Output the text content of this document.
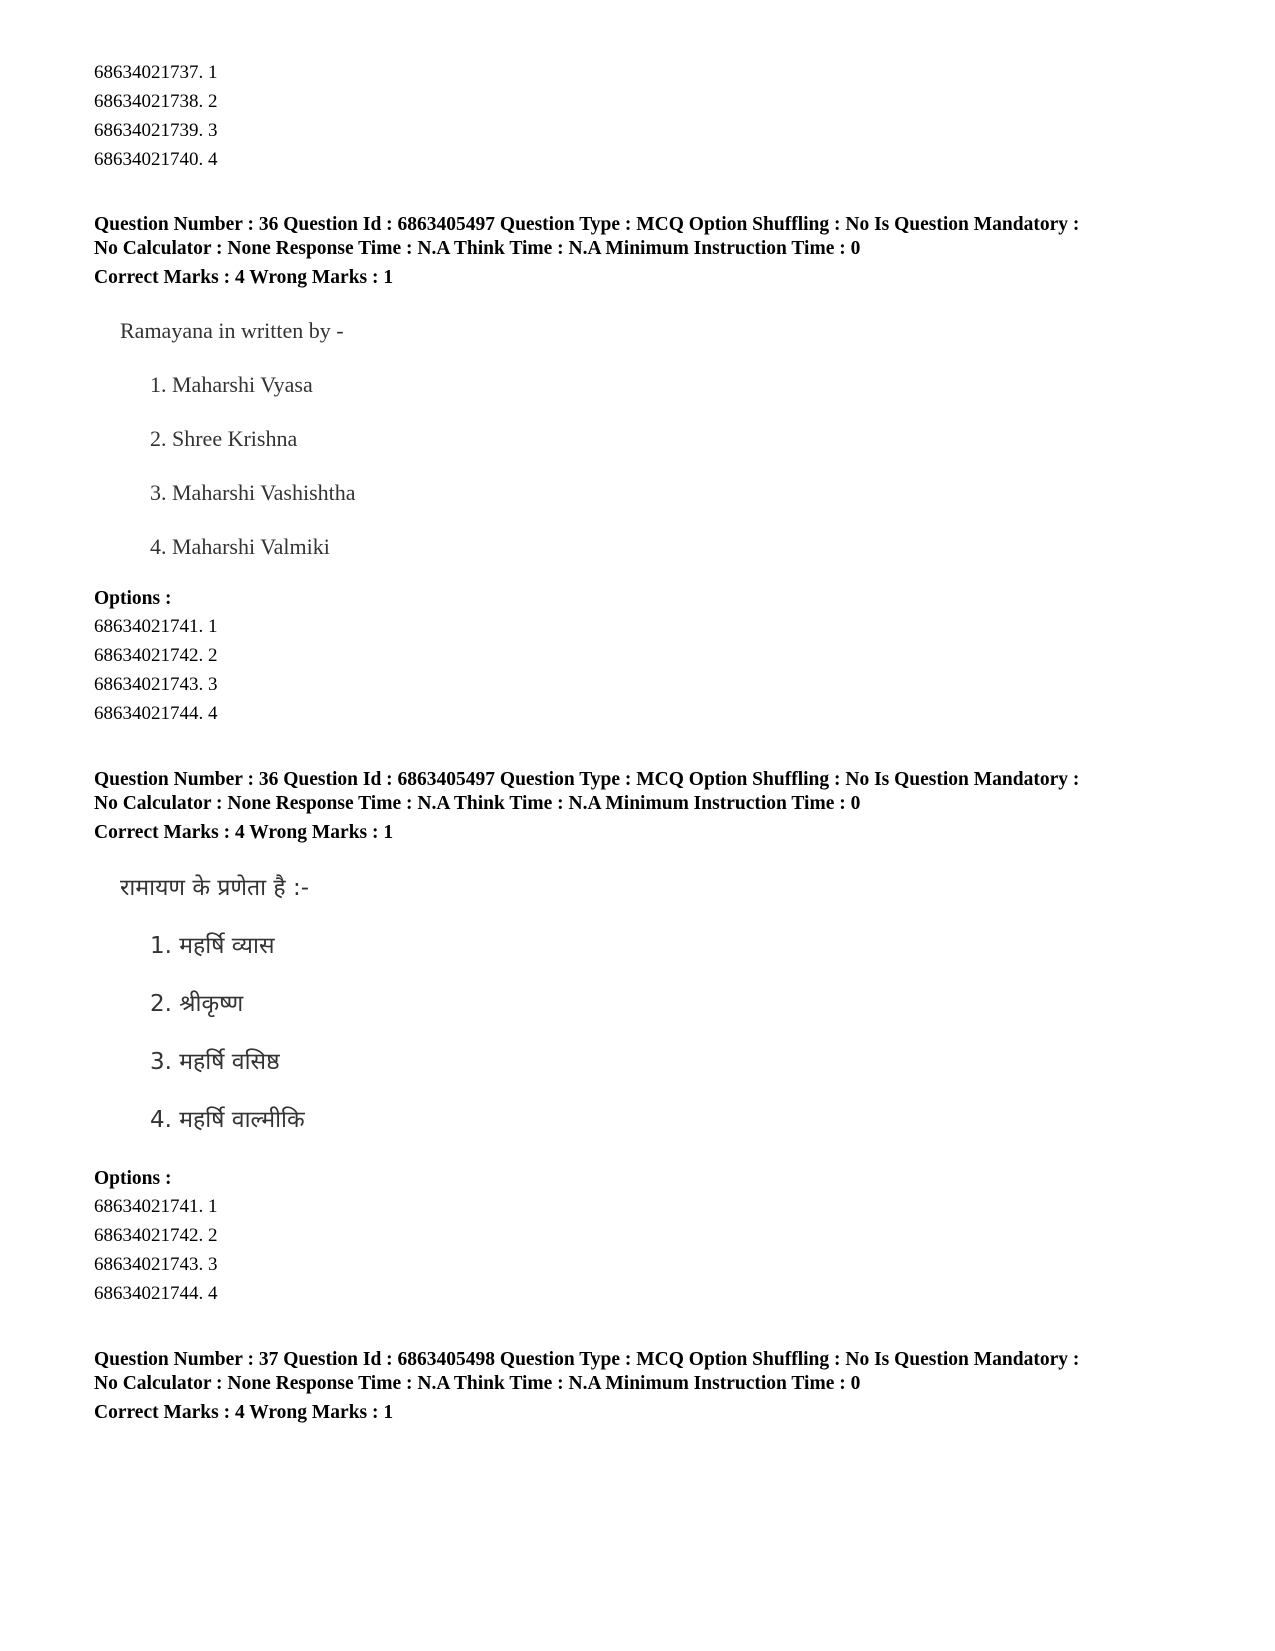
68634021737. 1
68634021738. 2
68634021739. 3
68634021740. 4
Question Number : 36 Question Id : 6863405497 Question Type : MCQ Option Shuffling : No Is Question Mandatory :
No Calculator : None Response Time : N.A Think Time : N.A Minimum Instruction Time : 0
Correct Marks : 4 Wrong Marks : 1
Ramayana in written by -
1. Maharshi Vyasa
2. Shree Krishna
3. Maharshi Vashishtha
4. Maharshi Valmiki
Options :
68634021741. 1
68634021742. 2
68634021743. 3
68634021744. 4
Question Number : 36 Question Id : 6863405497 Question Type : MCQ Option Shuffling : No Is Question Mandatory :
No Calculator : None Response Time : N.A Think Time : N.A Minimum Instruction Time : 0
Correct Marks : 4 Wrong Marks : 1
रामायण के प्रणेता है :-
1. महर्षि व्यास
2. श्रीकृष्ण
3. महर्षि वसिष्ठ
4. महर्षि वाल्मीकि
Options :
68634021741. 1
68634021742. 2
68634021743. 3
68634021744. 4
Question Number : 37 Question Id : 6863405498 Question Type : MCQ Option Shuffling : No Is Question Mandatory :
No Calculator : None Response Time : N.A Think Time : N.A Minimum Instruction Time : 0
Correct Marks : 4 Wrong Marks : 1
